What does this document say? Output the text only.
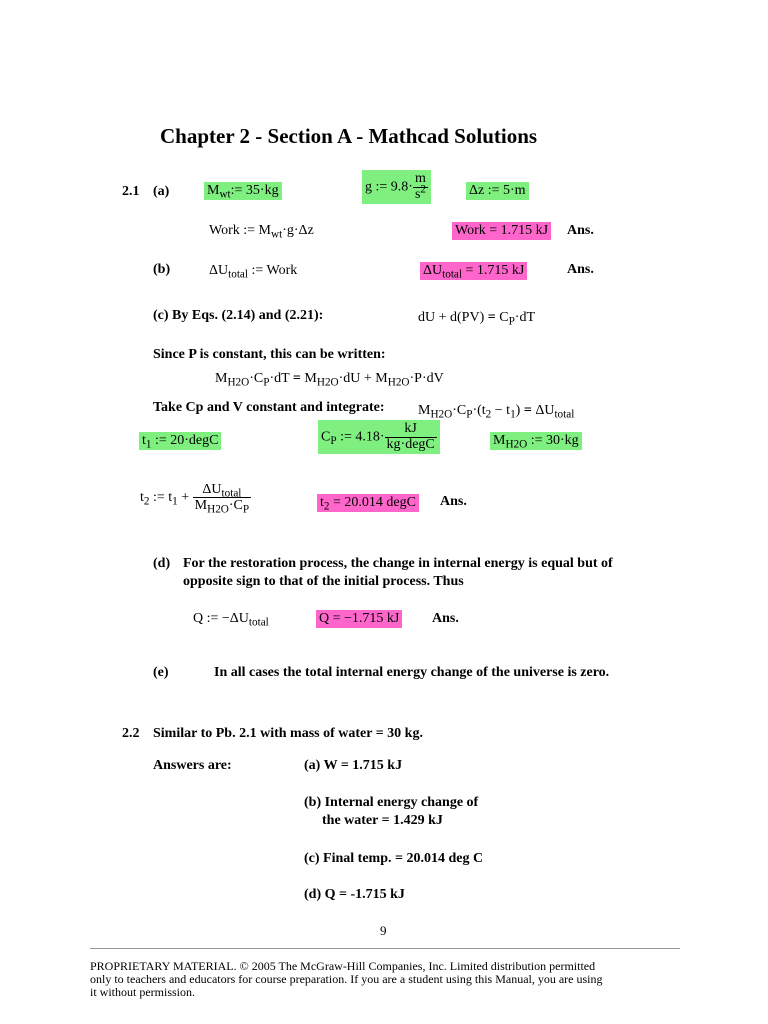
Chapter 2 - Section A - Mathcad Solutions
2.1 (a)	$M_{wt}:= 35\cdot kg$	g := $9.8\cdot \frac{m}{s^2}$	Δz := 5·m
Work := $M_{wt}\cdot g\cdot\Delta z$	Work = 1.715 kJ Ans.
(b)	$\Delta U_{total}$ := Work	$\Delta U_{total} = 1.715$ kJ	Ans.
(c) By Eqs. (2.14) and (2.21):	dU + $d(PV) = C_P\cdot dT$
Since P is constant, this can be written:
$M_{H2O}\cdot C_P\cdot dT = M_{H2O}\cdot dU + M_{H2O}\cdot P\cdot dV$
Take Cp and V constant and integrate: $M_{H2O}\cdot C_P\cdot(t_2 - t_1) = \Delta U_{total}$
$t_1$ := 20·degC	$C_P$ := $4.18\cdot \frac{kJ}{\text{kg·degC}}$	$M_{H2O}$ := 30·kg
$t_2$ := $t_1 + \frac{\Delta U_{total}}{M_{H2O}\cdot C_P}$	$t_2 = 20.014$ degC Ans.
(d) For the restoration process, the change in internal energy is equal but of
opposite sign to that of the initial process. Thus
Q := $-\Delta U_{total}$	Q = −1.715 kJ Ans.
(e)	In all cases the total internal energy change of the universe is zero.
2.2 Similar to Pb. 2.1 with mass of water = 30 kg.
Answers are:	(a) W = 1.715 kJ
(b) Internal energy change of
the water = 1.429 kJ
(c) Final temp. = 20.014 deg C
(d) Q = -1.715 kJ
9
PROPRIETARY MATERIAL. © 2005 The McGraw-Hill Companies, Inc. Limited distribution permitted
only to teachers and educators for course preparation. If you are a student using this Manual, you are using
it without permission.
